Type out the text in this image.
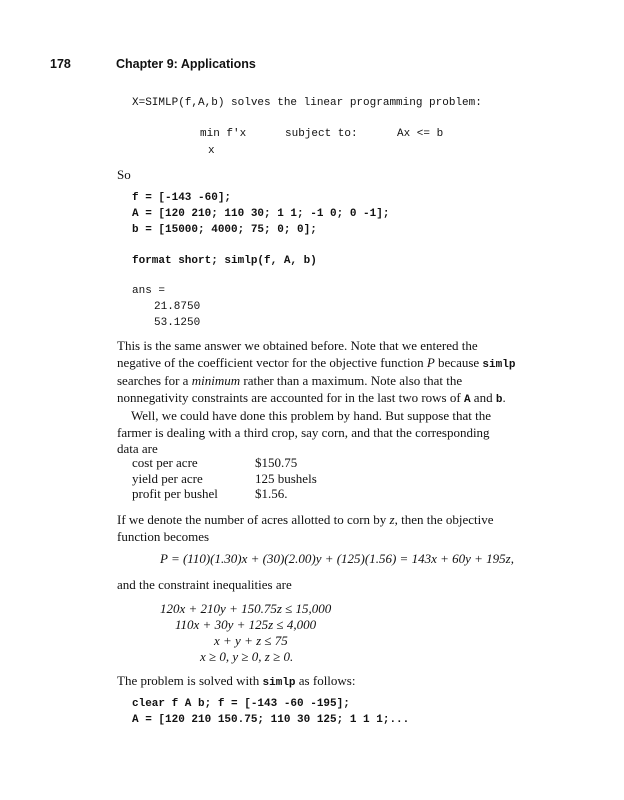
178	Chapter 9: Applications
X=SIMLP(f,A,b) solves the linear programming problem:
min f'x	subject to:	Ax <= b
x
So
f = [-143 -60];
A = [120 210; 110 30; 1 1; -1 0; 0 -1];
b = [15000; 4000; 75; 0; 0];
format short; simlp(f, A, b)
ans =
21.8750
53.1250
This is the same answer we obtained before. Note that we entered the
negative of the coefficient vector for the objective function P because simlp
searches for a minimum rather than a maximum. Note also that the
nonnegativity constraints are accounted for in the last two rows of A and b.
Well, we could have done this problem by hand. But suppose that the
farmer is dealing with a third crop, say corn, and that the corresponding
data are
cost per acre	$150.75
yield per acre	125 bushels
profit per bushel	$1.56.
If we denote the number of acres allotted to corn by z, then the objective
function becomes
P = (110)(1.30)x + (30)(2.00)y + (125)(1.56) = 143x + 60y + 195z,
and the constraint inequalities are
120x + 210y + 150.75z ≤ 15,000
110x + 30y + 125z ≤ 4,000
x + y + z ≤ 75
x ≥ 0, y ≥ 0, z ≥ 0.
The problem is solved with simlp as follows:
clear f A b; f = [-143 -60 -195];
A = [120 210 150.75; 110 30 125; 1 1 1;...
